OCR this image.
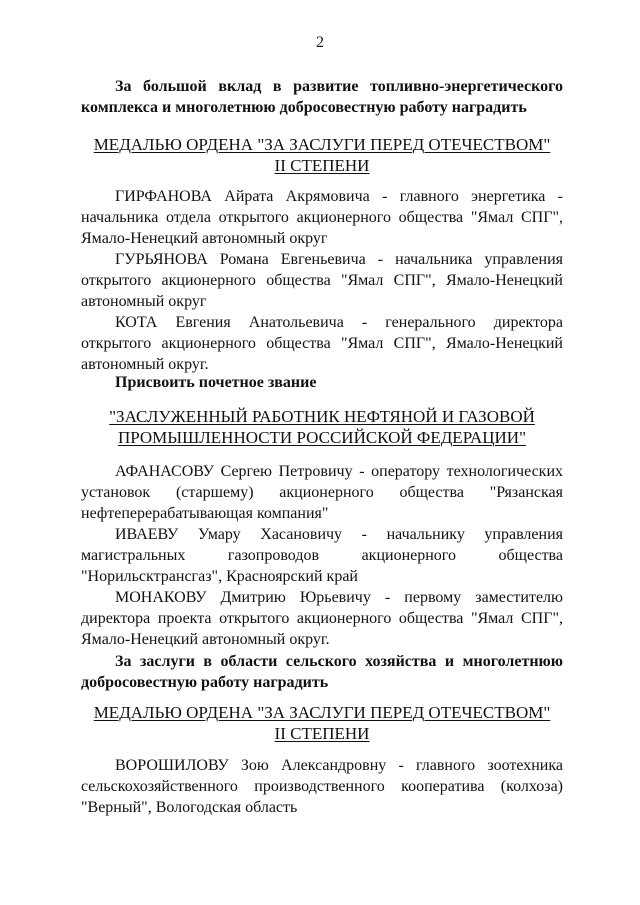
2
За большой вклад в развитие топливно-энергетического комплекса и многолетнюю добросовестную работу наградить
МЕДАЛЬЮ ОРДЕНА "ЗА ЗАСЛУГИ ПЕРЕД ОТЕЧЕСТВОМ"
II СТЕПЕНИ
ГИРФАНОВА Айрата Акрямовича - главного энергетика - начальника отдела открытого акционерного общества "Ямал СПГ", Ямало-Ненецкий автономный округ
ГУРЬЯНОВА Романа Евгеньевича - начальника управления открытого акционерного общества "Ямал СПГ", Ямало-Ненецкий автономный округ
КОТА Евгения Анатольевича - генерального директора открытого акционерного общества "Ямал СПГ", Ямало-Ненецкий автономный округ.
Присвоить почетное звание
"ЗАСЛУЖЕННЫЙ РАБОТНИК НЕФТЯНОЙ И ГАЗОВОЙ
ПРОМЫШЛЕННОСТИ РОССИЙСКОЙ ФЕДЕРАЦИИ"
АФАНАСОВУ Сергею Петровичу - оператору технологических установок (старшему) акционерного общества "Рязанская нефтеперерабатывающая компания"
ИВАЕВУ Умару Хасановичу - начальнику управления магистральных газопроводов акционерного общества "Норильсктрансгаз", Красноярский край
МОНАКОВУ Дмитрию Юрьевичу - первому заместителю директора проекта открытого акционерного общества "Ямал СПГ", Ямало-Ненецкий автономный округ.
За заслуги в области сельского хозяйства и многолетнюю добросовестную работу наградить
МЕДАЛЬЮ ОРДЕНА "ЗА ЗАСЛУГИ ПЕРЕД ОТЕЧЕСТВОМ"
II СТЕПЕНИ
ВОРОШИЛОВУ Зою Александровну - главного зоотехника сельскохозяйственного производственного кооператива (колхоза) "Верный", Вологодская область
